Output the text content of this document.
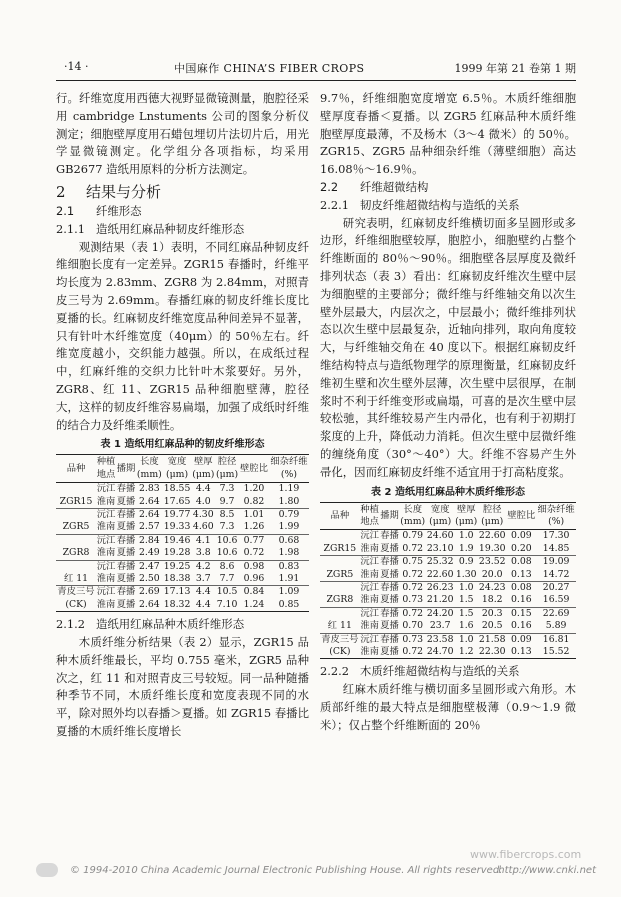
·14 ·	中国麻作 CHINA’S FIBER CROPS	1999 年第 21 卷第 1 期

行。纤维宽度用西德大视野显微镜测量，胞腔径采用 cambridge Lnstuments 公司的图象分析仪测定；细胞壁厚度用石蜡包埋切片法切片后，用光学显微镜测定。化学组分各项指标，均采用 GB2677 造纸用原料的分析方法测定。

2 结果与分析
2.1 纤维形态
2.1.1 造纸用红麻品种韧皮纤维形态

观测结果（表 1）表明，不同红麻品种韧皮纤维细胞长度有一定差异。ZGR15 春播时，纤维平均长度为 2.83mm、ZGR8 为 2.84mm，对照青皮三号为 2.69mm。春播红麻的韧皮纤维长度比夏播的长。红麻韧皮纤维宽度品种间差异不显著，只有针叶木纤维宽度（40μm）的 50％左右。纤维宽度越小，交织能力越强。所以，在成纸过程中，红麻纤维的交织力比针叶木浆要好。另外，ZGR8、红 11、ZGR15 品种细胞壁薄，腔径大，这样的韧皮纤维容易扁塌，加强了成纸时纤维的结合力及纤维柔顺性。

表 1 造纸用红麻品种的韧皮纤维形态
品种	种植
地点	播期	长度
(mm)	宽度
(μm)	壁厚
(μm)	腔径
(μm)	壁腔比	细杂纤维
(%)
	沅江	春播	2.83	18.55	4.4	7.3	1.20	1.19
ZGR15	淮南	夏播	2.64	17.65	4.0	9.7	0.82	1.80
	沅江	春播	2.64	19.77	4.30	8.5	1.01	0.79
ZGR5	淮南	夏播	2.57	19.33	4.60	7.3	1.26	1.99
	沅江	春播	2.84	19.46	4.1	10.6	0.77	0.68
ZGR8	淮南	夏播	2.49	19.28	3.8	10.6	0.72	1.98
	沅江	春播	2.47	19.25	4.2	8.6	0.98	0.83
红 11	淮南	夏播	2.50	18.38	3.7	7.7	0.96	1.91
青皮三号	沅江	春播	2.69	17.13	4.4	10.5	0.84	1.09
(CK)	淮南	夏播	2.64	18.32	4.4	7.10	1.24	0.85
2.1.2 造纸用红麻品种木质纤维形态

木质纤维分析结果（表 2）显示，ZGR15 品种木质纤维最长，平均 0.755 毫米，ZGR5 品种次之，红 11 和对照青皮三号较短。同一品种随播种季节不同，木质纤维长度和宽度表现不同的水平，除对照外均以春播＞夏播。如 ZGR15 春播比夏播的木质纤维长度增长

9.7％，纤维细胞宽度增宽 6.5％。木质纤维细胞壁厚度春播＜夏播。以 ZGR5 红麻品种木质纤维胞壁厚度最薄，不及杨木（3～4 微米）的 50％。ZGR15、ZGR5 品种细杂纤维（薄壁细胞）高达 16.08％～16.9％。

2.2 纤维超微结构
2.2.1 韧皮纤维超微结构与造纸的关系

研究表明，红麻韧皮纤维横切面多呈圆形或多边形，纤维细胞壁较厚，胞腔小，细胞壁约占整个纤维断面的 80％～90％。细胞壁各层厚度及微纤排列状态（表 3）看出：红麻韧皮纤维次生壁中层为细胞壁的主要部分；微纤维与纤维轴交角以次生壁外层最大，内层次之，中层最小；微纤维排列状态以次生壁中层最复杂，近轴向排列，取向角度较大，与纤维轴交角在 40 度以下。根据红麻韧皮纤维结构特点与造纸物理学的原理衡量，红麻韧皮纤维初生壁和次生壁外层薄，次生壁中层很厚，在制浆时不利于纤维变形或扁塌，可喜的是次生壁中层较松驰，其纤维较易产生内帚化，也有利于初期打浆度的上升，降低动力消耗。但次生壁中层微纤维的缠绕角度（30°～40°）大。纤维不容易产生外帚化，因而红麻韧皮纤维不适宜用于打高粘度浆。

表 2 造纸用红麻品种木质纤维形态
品种	种植
地点	播期	长度
(mm)	宽度
(μm)	壁厚
(μm)	腔径
(μm)	壁腔比	细杂纤维
(%)
	沅江	春播	0.79	24.60	1.0	22.60	0.09	17.30
ZGR15	淮南	夏播	0.72	23.10	1.9	19.30	0.20	14.85
	沅江	春播	0.75	25.32	0.9	23.52	0.08	19.09
ZGR5	淮南	夏播	0.72	22.60	1.30	20.0	0.13	14.72
	沅江	春播	0.72	26.23	1.0	24.23	0.08	20.27
ZGR8	淮南	夏播	0.73	21.20	1.5	18.2	0.16	16.59
	沅江	春播	0.72	24.20	1.5	20.3	0.15	22.69
红 11	淮南	夏播	0.70	23.7	1.6	20.5	0.16	5.89
青皮三号	沅江	春播	0.73	23.58	1.0	21.58	0.09	16.81
(CK)	淮南	夏播	0.72	24.70	1.2	22.30	0.13	15.52
2.2.2 木质纤维超微结构与造纸的关系

红麻木质纤维与横切面多呈圆形或六角形。木质部纤维的最大特点是细胞壁极薄（0.9～1.9 微米）；仅占整个纤维断面的 20％

www.fibercrops.com
© 1994-2010 China Academic Journal Electronic Publishing House. All rights reserved.
http://www.cnki.net
